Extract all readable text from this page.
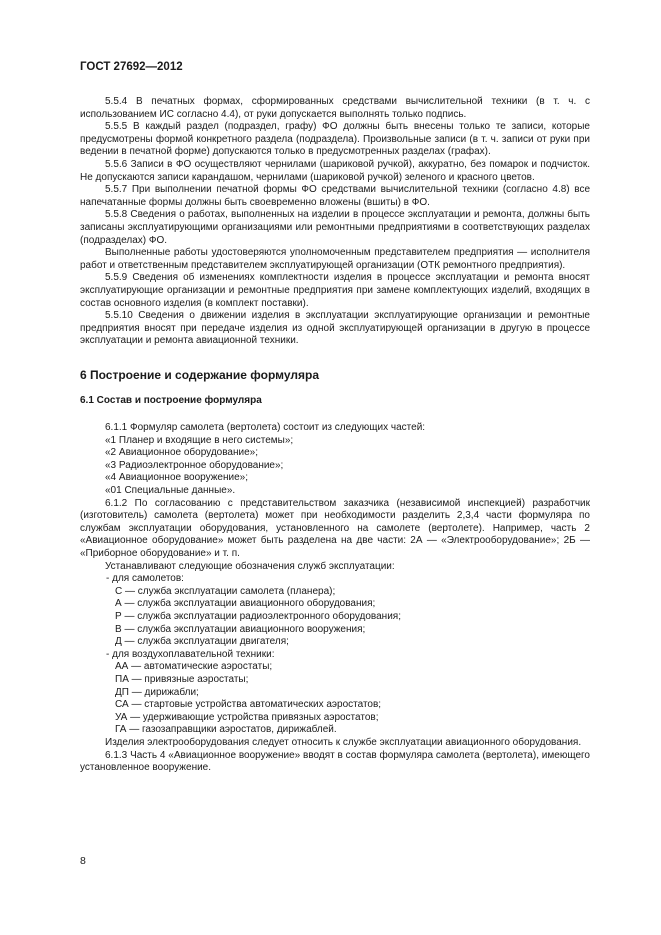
ГОСТ 27692—2012

5.5.4 В печатных формах, сформированных средствами вычислительной техники (в т. ч. с использованием ИС согласно 4.4), от руки допускается выполнять только подпись.

5.5.5 В каждый раздел (подраздел, графу) ФО должны быть внесены только те записи, которые предусмотрены формой конкретного раздела (подраздела). Произвольные записи (в т. ч. записи от руки при ведении в печатной форме) допускаются только в предусмотренных разделах (графах).

5.5.6 Записи в ФО осуществляют чернилами (шариковой ручкой), аккуратно, без помарок и подчисток. Не допускаются записи карандашом, чернилами (шариковой ручкой) зеленого и красного цветов.

5.5.7 При выполнении печатной формы ФО средствами вычислительной техники (согласно 4.8) все напечатанные формы должны быть своевременно вложены (вшиты) в ФО.

5.5.8 Сведения о работах, выполненных на изделии в процессе эксплуатации и ремонта, должны быть записаны эксплуатирующими организациями или ремонтными предприятиями в соответствующих разделах (подразделах) ФО.

Выполненные работы удостоверяются уполномоченным представителем предприятия — исполнителя работ и ответственным представителем эксплуатирующей организации (ОТК ремонтного предприятия).

5.5.9 Сведения об изменениях комплектности изделия в процессе эксплуатации и ремонта вносят эксплуатирующие организации и ремонтные предприятия при замене комплектующих изделий, входящих в состав основного изделия (в комплект поставки).

5.5.10 Сведения о движении изделия в эксплуатации эксплуатирующие организации и ремонтные предприятия вносят при передаче изделия из одной эксплуатирующей организации в другую в процессе эксплуатации и ремонта авиационной техники.

6 Построение и содержание формуляра
6.1 Состав и построение формуляра

6.1.1 Формуляр самолета (вертолета) состоит из следующих частей:

«1 Планер и входящие в него системы»;

«2 Авиационное оборудование»;

«3 Радиоэлектронное оборудование»;

«4 Авиационное вооружение»;

«01 Специальные данные».

6.1.2 По согласованию с представительством заказчика (независимой инспекцией) разработчик (изготовитель) самолета (вертолета) может при необходимости разделить 2,3,4 части формуляра по службам эксплуатации оборудования, установленного на самолете (вертолете). Например, часть 2 «Авиационное оборудование» может быть разделена на две части: 2А — «Электрооборудование»; 2Б — «Приборное оборудование» и т. п.

Устанавливают следующие обозначения служб эксплуатации:

- для самолетов:

С — служба эксплуатации самолета (планера);

А — служба эксплуатации авиационного оборудования;

Р — служба эксплуатации радиоэлектронного оборудования;

В — служба эксплуатации авиационного вооружения;

Д — служба эксплуатации двигателя;

- для воздухоплавательной техники:

АА — автоматические аэростаты;

ПА — привязные аэростаты;

ДП — дирижабли;

СА — стартовые устройства автоматических аэростатов;

УА — удерживающие устройства привязных аэростатов;

ГА — газозаправщики аэростатов, дирижаблей.

Изделия электрооборудования следует относить к службе эксплуатации авиационного оборудования.

6.1.3 Часть 4 «Авиационное вооружение» вводят в состав формуляра самолета (вертолета), имеющего установленное вооружение.

8
